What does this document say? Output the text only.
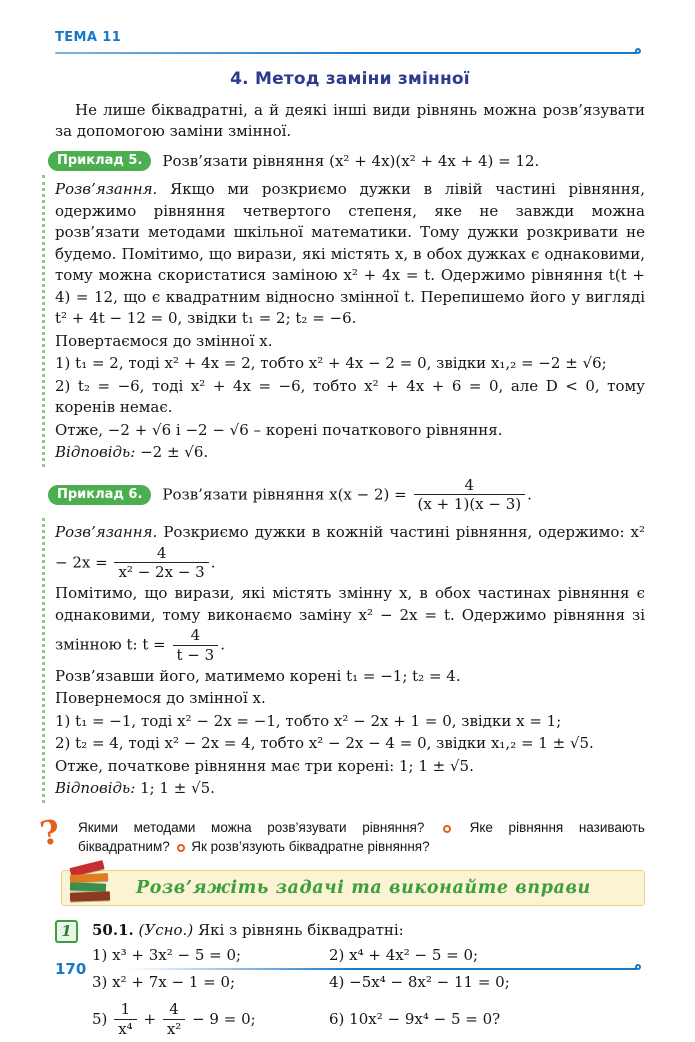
ТЕМА 11
4. Метод заміни змінної

Не лише біквадратні, а й деякі інші види рівнянь можна розв’язувати за допомогою заміни змінної.

Приклад 5.	Розв’язати рівняння (x² + 4x)(x² + 4x + 4) = 12.

Розв’язання. Якщо ми розкриємо дужки в лівій частині рівняння, одержимо рівняння четвертого степеня, яке не завжди можна розв’язати методами шкільної математики. Тому дужки розкривати не будемо. Помітимо, що вирази, які містять x, в обох дужках є однаковими, тому можна скористатися заміною x² + 4x = t. Одержимо рівняння t(t + 4) = 12, що є квадратним відносно змінної t. Перепишемо його у вигляді t² + 4t − 12 = 0, звідки t₁ = 2; t₂ = −6.

Повертаємося до змінної x.

1) t₁ = 2, тоді x² + 4x = 2, тобто x² + 4x − 2 = 0, звідки x₁,₂ = −2 ± √6;

2) t₂ = −6, тоді x² + 4x = −6, тобто x² + 4x + 6 = 0, але D < 0, тому коренів немає.

Отже, −2 + √6 і −2 − √6 – корені початкового рівняння.

Відповідь: −2 ± √6.

Приклад 6.	Розв’язати рівняння $x(x - 2) = \frac{4}{(x + 1)(x - 3)}$ .

Розв’язання. Розкриємо дужки в кожній частині рівняння, одержимо: $x^2 - 2x = \frac{4}{\text{x² − 2x − 3}}$ .

Помітимо, що вирази, які містять змінну x, в обох частинах рівняння є однаковими, тому виконаємо заміну x² − 2x = t. Одержимо рівняння зі змінною t: $t = \frac{4}{t - 3}$ .

Розв’язавши його, матимемо корені t₁ = −1; t₂ = 4.

Повернемося до змінної x.

1) t₁ = −1, тоді x² − 2x = −1, тобто x² − 2x + 1 = 0, звідки x = 1;

2) t₂ = 4, тоді x² − 2x = 4, тобто x² − 2x − 4 = 0, звідки x₁,₂ = 1 ± √5.

Отже, початкове рівняння має три корені: 1; 1 ± √5.

Відповідь: 1; 1 ± √5.

?	Якими методами можна розв’язувати рівняння?	Яке рівняння називають біквадратним? Як розв’язують біквадратне рівняння?

Розв’яжіть задачі та виконайте вправи
1	50.1. (Усно.) Які з рівнянь біквадратні:

1) x³ + 3x² − 5 = 0;	2) x⁴ + 4x² − 5 = 0;
3) x² + 7x − 1 = 0;	4) −5x⁴ − 8x² − 11 = 0;
5)
$\frac{1}{\text{x⁴}}$
+
$\frac{4}{\text{x²}}$
− 9 = 0;	6) 10x² − 9x⁴ − 5 = 0?
170
